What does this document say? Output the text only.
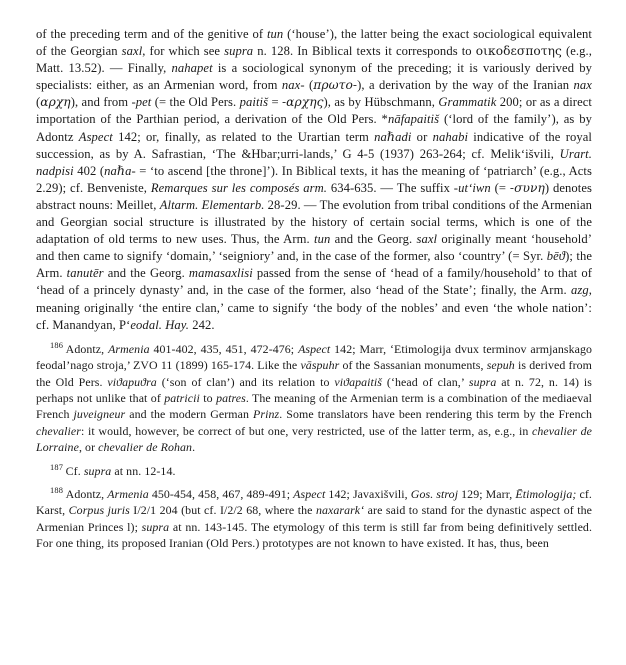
of the preceding term and of the genitive of tun (‘house’), the latter being the exact sociological equivalent of the Georgian saxl, for which see supra n. 128. In Biblical texts it corresponds to οικοδεσποτης (e.g., Matt. 13.52). — Finally, nahapet is a sociological synonym of the preceding; it is variously derived by specialists: either, as an Armenian word, from nax- (πρωτο-), a derivation by the way of the Iranian nax (αρχη), and from -pet (= the Old Pers. paitiš = -αρχης), as by Hübschmann, Grammatik 200; or as a direct importation of the Parthian period, a derivation of the Old Pers. *nāfapaitiš (‘lord of the family’), as by Adontz Aspect 142; or, finally, as related to the Urartian term naℏadi or nahabi indicative of the royal succession, as by A. Safrastian, ‘The &Hbar;urri-lands,’ G 4-5 (1937) 263-264; cf. Melik‘išvili, Urart. nadpisi 402 (naℏa- = ‘to ascend [the throne]’). In Biblical texts, it has the meaning of ‘patriarch’ (e.g., Acts 2.29); cf. Benveniste, Remarques sur les composés arm. 634-635. — The suffix -ut‘iwn (= -συνη) denotes abstract nouns: Meillet, Altarm. Elementarb. 28-29. — The evolution from tribal conditions of the Armenian and Georgian social structure is illustrated by the history of certain social terms, which is one of the adaptation of old terms to new uses. Thus, the Arm. tun and the Georg. saxl originally meant ‘household’ and then came to signify ‘domain,’ ‘seigniory’ and, in the case of the former, also ‘country’ (= Syr. bēϑ); the Arm. tanutēr and the Georg. mamasaxlisi passed from the sense of ‘head of a family/household’ to that of ‘head of a princely dynasty’ and, in the case of the former, also ‘head of the State’; finally, the Arm. azg, meaning originally ‘the entire clan,’ came to signify ‘the body of the nobles’ and even ‘the whole nation’: cf. Manandyan, P‘eodal. Hay. 242.

$^{186}$ Adontz, Armenia 401-402, 435, 451, 472-476; Aspect 142; Marr, ‘Etimologija dvux terminov armjanskago feodal’nago stroja,’ ZVO 11 (1899) 165-174. Like the vāspuhr of the Sassanian monuments, sepuh is derived from the Old Pers. viϑapuϑra (‘son of clan’) and its relation to viϑapaitiš (‘head of clan,’ supra at n. 72, n. 14) is perhaps not unlike that of patricii to patres. The meaning of the Armenian term is a combination of the mediaeval French juveigneur and the modern German Prinz. Some translators have been rendering this term by the French chevalier: it would, however, be correct of but one, very restricted, use of the latter term, as, e.g., in chevalier de Lorraine, or chevalier de Rohan.

$^{187}$ Cf. supra at nn. 12-14.

$^{188}$ Adontz, Armenia 450-454, 458, 467, 489-491; Aspect 142; Javaxišvili, Gos. stroj 129; Marr, Ētimologija; cf. Karst, Corpus juris I/2/1 204 (but cf. I/2/2 68, where the naxarark‘ are said to stand for the dynastic aspect of the Armenian Princes l); supra at nn. 143-145. The etymology of this term is still far from being definitively settled. For one thing, its proposed Iranian (Old Pers.) prototypes are not known to have existed. It has, thus, been
